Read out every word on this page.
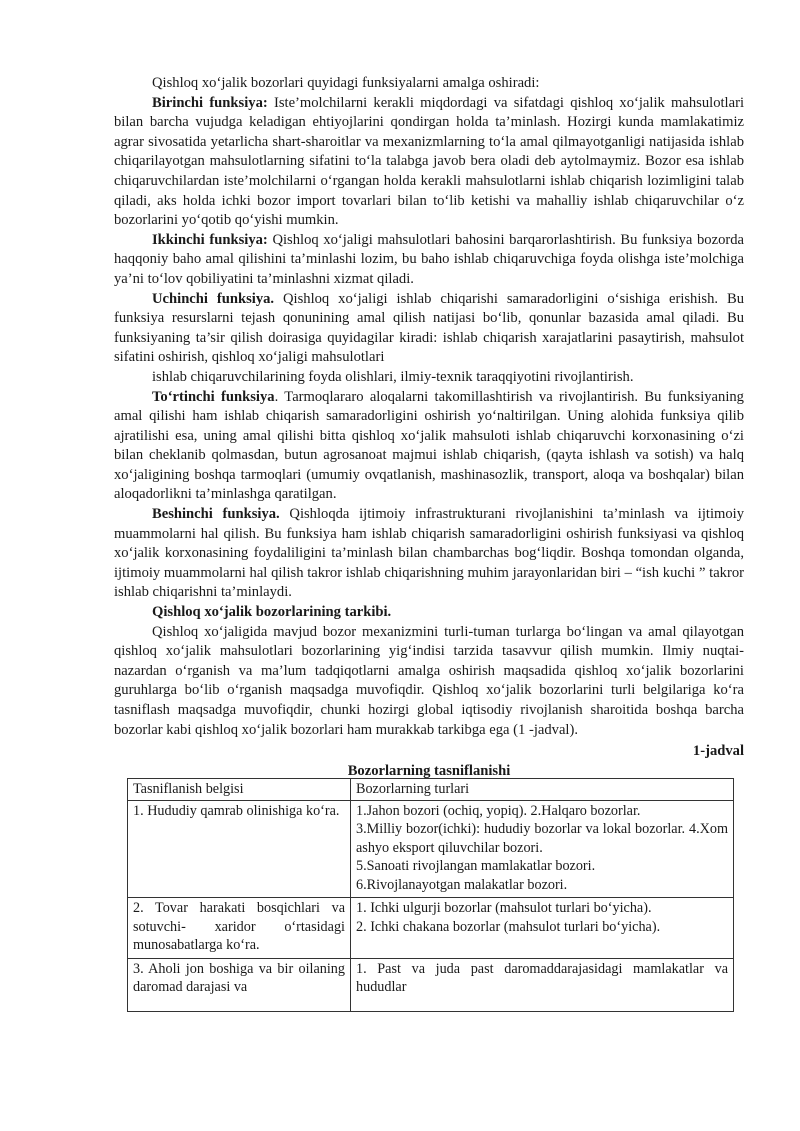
Qishloq xo‘jalik bozorlari quyidagi funksiyalarni amalga oshiradi:

Birinchi funksiya: Iste’molchilarni kerakli miqdordagi va sifatdagi qishloq xo‘jalik mahsulotlari bilan barcha vujudga keladigan ehtiyojlarini qondirgan holda ta’minlash. Hozirgi kunda mamlakatimiz agrar sivosatida yetarlicha shart-sharoitlar va mexanizmlarning to‘la amal qilmayotganligi natijasida ishlab chiqarilayotgan mahsulotlarning sifatini to‘la talabga javob bera oladi deb aytolmaymiz. Bozor esa ishlab chiqaruvchilardan iste’molchilarni o‘rgangan holda kerakli mahsulotlarni ishlab chiqarish lozimligini talab qiladi, aks holda ichki bozor import tovarlari bilan to‘lib ketishi va mahalliy ishlab chiqaruvchilar o‘z bozorlarini yo‘qotib qo‘yishi mumkin.

Ikkinchi funksiya: Qishloq xo‘jaligi mahsulotlari bahosini barqarorlashtirish. Bu funksiya bozorda haqqoniy baho amal qilishini ta’minlashi lozim, bu baho ishlab chiqaruvchiga foyda olishga iste’molchiga ya’ni to‘lov qobiliyatini ta’minlashni xizmat qiladi.

Uchinchi funksiya. Qishloq xo‘jaligi ishlab chiqarishi samaradorligini o‘sishiga erishish. Bu funksiya resurslarni tejash qonunining amal qilish natijasi bo‘lib, qonunlar bazasida amal qiladi. Bu funksiyaning ta’sir qilish doirasiga quyidagilar kiradi: ishlab chiqarish xarajatlarini pasaytirish, mahsulot sifatini oshirish, qishloq xo‘jaligi mahsulotlari

ishlab chiqaruvchilarining foyda olishlari, ilmiy-texnik taraqqiyotini rivojlantirish.

To‘rtinchi funksiya. Tarmoqlararo aloqalarni takomillashtirish va rivojlantirish. Bu funksiyaning amal qilishi ham ishlab chiqarish samaradorligini oshirish yo‘naltirilgan. Uning alohida funksiya qilib ajratilishi esa, uning amal qilishi bitta qishloq xo‘jalik mahsuloti ishlab chiqaruvchi korxonasining o‘zi bilan cheklanib qolmasdan, butun agrosanoat majmui ishlab chiqarish, (qayta ishlash va sotish) va halq xo‘jaligining boshqa tarmoqlari (umumiy ovqatlanish, mashinasozlik, transport, aloqa va boshqalar) bilan aloqadorlikni ta’minlashga qaratilgan.

Beshinchi funksiya. Qishloqda ijtimoiy infrastrukturani rivojlanishini ta’minlash va ijtimoiy muammolarni hal qilish. Bu funksiya ham ishlab chiqarish samaradorligini oshirish funksiyasi va qishloq xo‘jalik korxonasining foydaliligini ta’minlash bilan chambarchas bog‘liqdir. Boshqa tomondan olganda, ijtimoiy muammolarni hal qilish takror ishlab chiqarishning muhim jarayonlaridan biri – “ish kuchi ” takror ishlab chiqarishni ta’minlaydi.

Qishloq xo‘jalik bozorlarining tarkibi.

Qishloq xo‘jaligida mavjud bozor mexanizmini turli-tuman turlarga bo‘lingan va amal qilayotgan qishloq xo‘jalik mahsulotlari bozorlarining yig‘indisi tarzida tasavvur qilish mumkin. Ilmiy nuqtai-nazardan o‘rganish va ma’lum tadqiqotlarni amalga oshirish maqsadida qishloq xo‘jalik bozorlarini guruhlarga bo‘lib o‘rganish maqsadga muvofiqdir. Qishloq xo‘jalik bozorlarini turli belgilariga ko‘ra tasniflash maqsadga muvofiqdir, chunki hozirgi global iqtisodiy rivojlanish sharoitida boshqa barcha bozorlar kabi qishloq xo‘jalik bozorlari ham murakkab tarkibga ega (1 -jadval).

1-jadval

Bozorlarning tasniflanishi

Tasniflanish belgisi	Bozorlarning turlari
1. Hududiy qamrab olinishiga ko‘ra.	1.Jahon bozori (ochiq, yopiq). 2.Halqaro bozorlar.
3.Milliy bozor(ichki): hududiy bozorlar va lokal bozorlar. 4.Xom ashyo eksport qiluvchilar bozori.
5.Sanoati rivojlangan mamlakatlar bozori.
6.Rivojlanayotgan malakatlar bozori.

2. Tovar harakati bosqichlari va sotuvchi- xaridor o‘rtasidagi munosabatlarga ko‘ra.	1. Ichki ulgurji bozorlar (mahsulot turlari bo‘yicha).
2. Ichki chakana bozorlar (mahsulot turlari bo‘yicha).

3. Aholi jon boshiga va bir oilaning daromad darajasi va	1. Past va juda past daromaddarajasidagi mamlakatlar va hududlar
